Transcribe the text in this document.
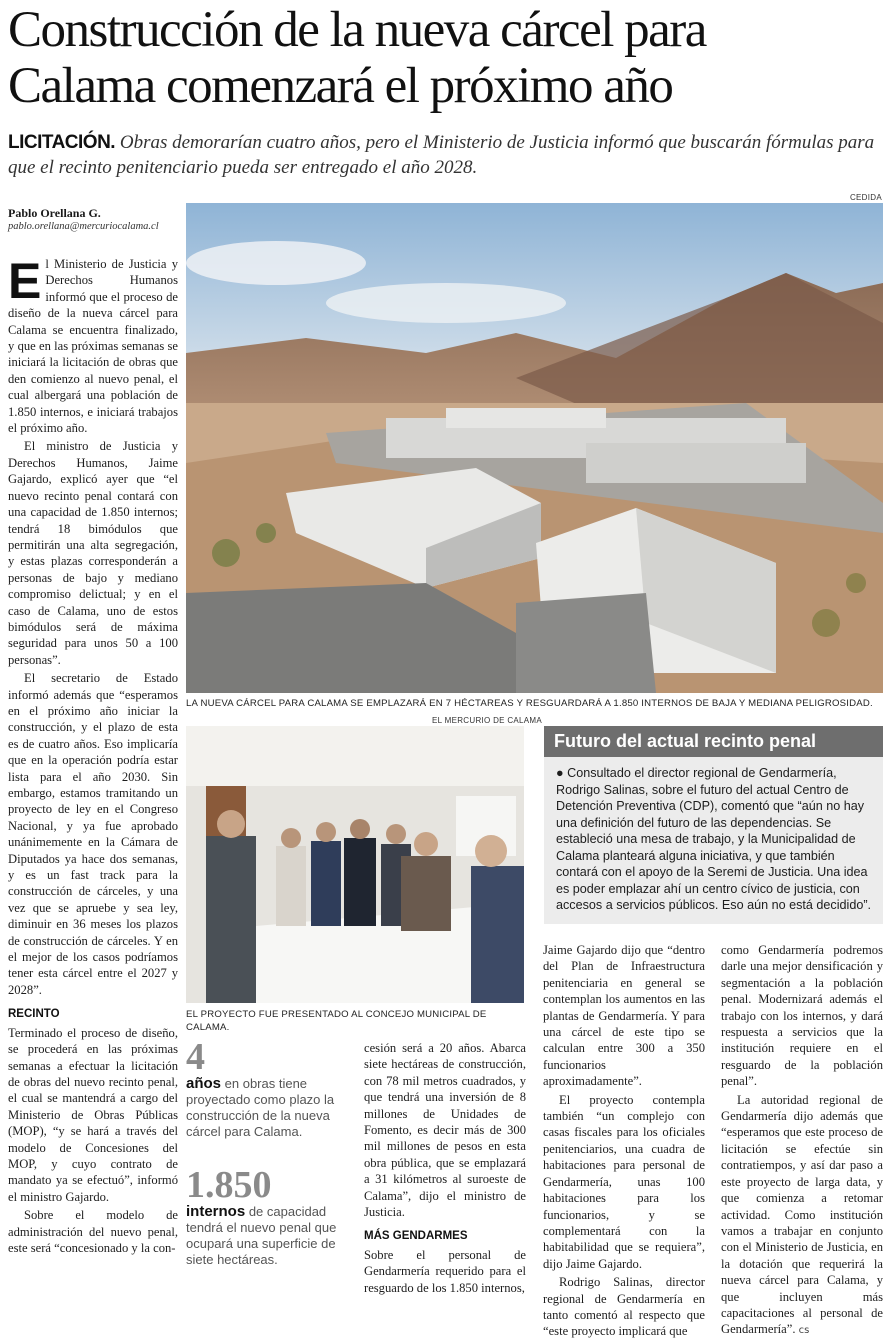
Construcción de la nueva cárcel para
Calama comenzará el próximo año
LICITACIÓN. Obras demorarían cuatro años, pero el Ministerio de Justicia informó que buscarán fórmulas para que el recinto penitenciario pueda ser entregado el año 2028.
Pablo Orellana G.
pablo.orellana@mercuriocalama.cl
CEDIDA
LA NUEVA CÁRCEL PARA CALAMA SE EMPLAZARÁ EN 7 HÉCTAREAS Y RESGUARDARÁ A 1.850 INTERNOS DE BAJA Y MEDIANA PELIGROSIDAD.
EL MERCURIO DE CALAMA
EL PROYECTO FUE PRESENTADO AL CONCEJO MUNICIPAL DE CALAMA.

El Ministerio de Justicia y Derechos Humanos informó que el proceso de diseño de la nueva cárcel para Calama se encuentra finalizado, y que en las próximas semanas se iniciará la licitación de obras que den comienzo al nuevo penal, el cual albergará una población de 1.850 internos, e iniciará trabajos el próximo año.

El ministro de Justicia y Derechos Humanos, Jaime Gajardo, explicó ayer que “el nuevo recinto penal contará con una capacidad de 1.850 internos; tendrá 18 bimódulos que permitirán una alta segregación, y estas plazas corresponderán a personas de bajo y mediano compromiso delictual; y en el caso de Calama, uno de estos bimódulos será de máxima seguridad para unos 50 a 100 personas”.

El secretario de Estado informó además que “esperamos en el próximo año iniciar la construcción, y el plazo de esta es de cuatro años. Eso implicaría que en la operación podría estar lista para el año 2030. Sin embargo, estamos tramitando un proyecto de ley en el Congreso Nacional, y ya fue aprobado unánimemente en la Cámara de Diputados ya hace dos semanas, y es un fast track para la construcción de cárceles, y una vez que se apruebe y sea ley, diminuir en 36 meses los plazos de construcción de cárceles. Y en el mejor de los casos podríamos tener esta cárcel entre el 2027 y 2028”.

RECINTO

Terminado el proceso de diseño, se procederá en las próximas semanas a efectuar la licitación de obras del nuevo recinto penal, el cual se mantendrá a cargo del Ministerio de Obras Públicas (MOP), “y se hará a través del modelo de Concesiones del MOP, y cuyo contrato de mandato ya se efectuó”, informó el ministro Gajardo.

Sobre el modelo de administración del nuevo penal, este será “concesionado y la con-

4
años en obras tiene proyectado como plazo la construcción de la nueva cárcel para Calama.
1.850
internos de capacidad tendrá el nuevo penal que ocupará una superficie de siete hectáreas.

cesión será a 20 años. Abarca siete hectáreas de construcción, con 78 mil metros cuadrados, y que tendrá una inversión de 8 millones de Unidades de Fomento, es decir más de 300 mil millones de pesos en esta obra pública, que se emplazará a 31 kilómetros al suroeste de Calama”, dijo el ministro de Justicia.

MÁS GENDARMES

Sobre el personal de Gendarmería requerido para el resguardo de los 1.850 internos,

Futuro del actual recinto penal
● Consultado el director regional de Gendarmería, Rodrigo Salinas, sobre el futuro del actual Centro de Detención Preventiva (CDP), comentó que “aún no hay una definición del futuro de las dependencias. Se estableció una mesa de trabajo, y la Municipalidad de Calama planteará alguna iniciativa, y que también contará con el apoyo de la Seremi de Justicia. Una idea es poder emplazar ahí un centro cívico de justicia, con accesos a servicios públicos. Eso aún no está decidido”.

Jaime Gajardo dijo que “dentro del Plan de Infraestructura penitenciaria en general se contemplan los aumentos en las plantas de Gendarmería. Y para una cárcel de este tipo se calculan entre 300 a 350 funcionarios aproximadamente”.

El proyecto contempla también “un complejo con casas fiscales para los oficiales penitenciarios, una cuadra de habitaciones para personal de Gendarmería, unas 100 habitaciones para los funcionarios, y se complementará con la habitabilidad que se requiera”, dijo Jaime Gajardo.

Rodrigo Salinas, director regional de Gendarmería en tanto comentó al respecto que “este proyecto implicará que

como Gendarmería podremos darle una mejor densificación y segmentación a la población penal. Modernizará además el trabajo con los internos, y dará respuesta a servicios que la institución requiere en el resguardo de la población penal”.

La autoridad regional de Gendarmería dijo además que “esperamos que este proceso de licitación se efectúe sin contratiempos, y así dar paso a este proyecto de larga data, y que comienza a retomar actividad. Como institución vamos a trabajar en conjunto con el Ministerio de Justicia, en la dotación que requerirá la nueva cárcel para Calama, y que incluyen más capacitaciones al personal de Gendarmería”. cs
